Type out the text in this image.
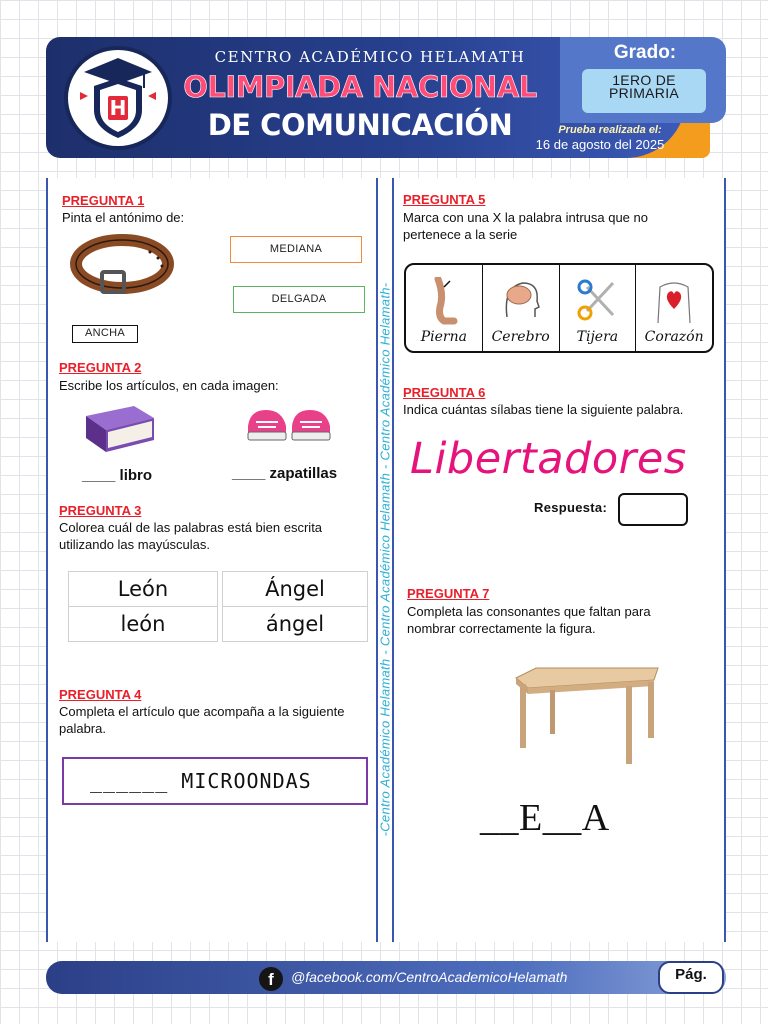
H
CENTRO ACADÉMICO HELAMATH
OLIMPIADA NACIONAL
DE COMUNICACIÓN
Grado:
1ERO DE PRIMARIA
Prueba realizada el:
16 de agosto del 2025
-Centro Académico Helamath - Centro Académico Helamath - Centro Académico Helamath-
PREGUNTA 1
Pinta el antónimo de:
ANCHA
MEDIANA
DELGADA
PREGUNTA 2
Escribe los artículos, en cada imagen:
____ libro	____ zapatillas
PREGUNTA 3
Colorea cuál de las palabras está bien escrita utilizando las mayúsculas.
León	Ángel
león	ángel
PREGUNTA 4
Completa el artículo que acompaña a la siguiente palabra.
______ MICROONDAS
PREGUNTA 5
Marca con una X la palabra intrusa que no pertenece a la serie
Pierna Cerebro Tijera Corazón
PREGUNTA 6
Indica cuántas sílabas tiene la siguiente palabra.
Libertadores
Respuesta:
PREGUNTA 7
Completa las consonantes que faltan para nombrar correctamente la figura.
__E__A
f	@facebook.com/CentroAcademicoHelamath	Pág.
